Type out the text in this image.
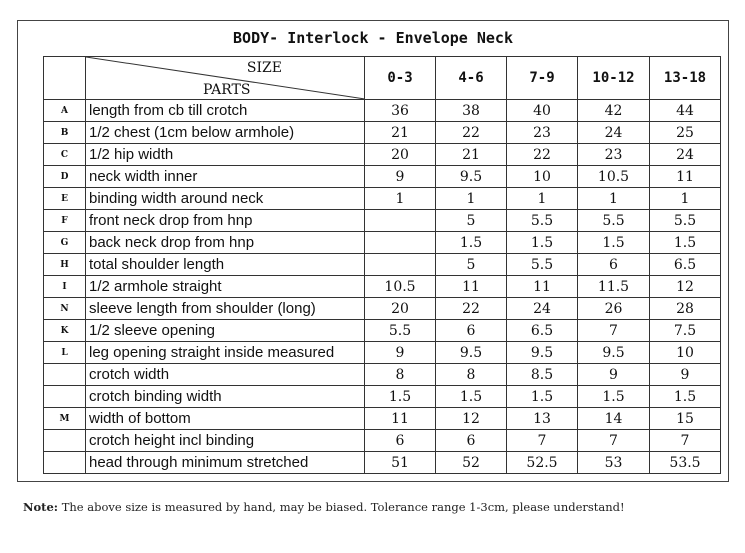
BODY- Interlock - Envelope Neck

	SIZE
PARTS	0-3	4-6	7-9	10-12	13-18
A	length from cb till crotch	36	38	40	42	44
B	1/2 chest (1cm below armhole)	21	22	23	24	25
C	1/2 hip width	20	21	22	23	24
D	neck width inner	9	9.5	10	10.5	11
E	binding width around neck	1	1	1	1	1
F	front neck drop from hnp		5	5.5	5.5	5.5
G	back neck drop from hnp		1.5	1.5	1.5	1.5
H	total shoulder length		5	5.5	6	6.5
I	1/2 armhole straight	10.5	11	11	11.5	12
N	sleeve length from shoulder (long)	20	22	24	26	28
K	1/2 sleeve opening	5.5	6	6.5	7	7.5
L	leg opening straight inside measured	9	9.5	9.5	9.5	10
	crotch width	8	8	8.5	9	9
	crotch binding width	1.5	1.5	1.5	1.5	1.5
M	width of bottom	11	12	13	14	15
	crotch height incl binding	6	6	7	7	7
	head through minimum stretched	51	52	52.5	53	53.5
Note: The above size is measured by hand, may be biased. Tolerance range 1-3cm, please understand!
